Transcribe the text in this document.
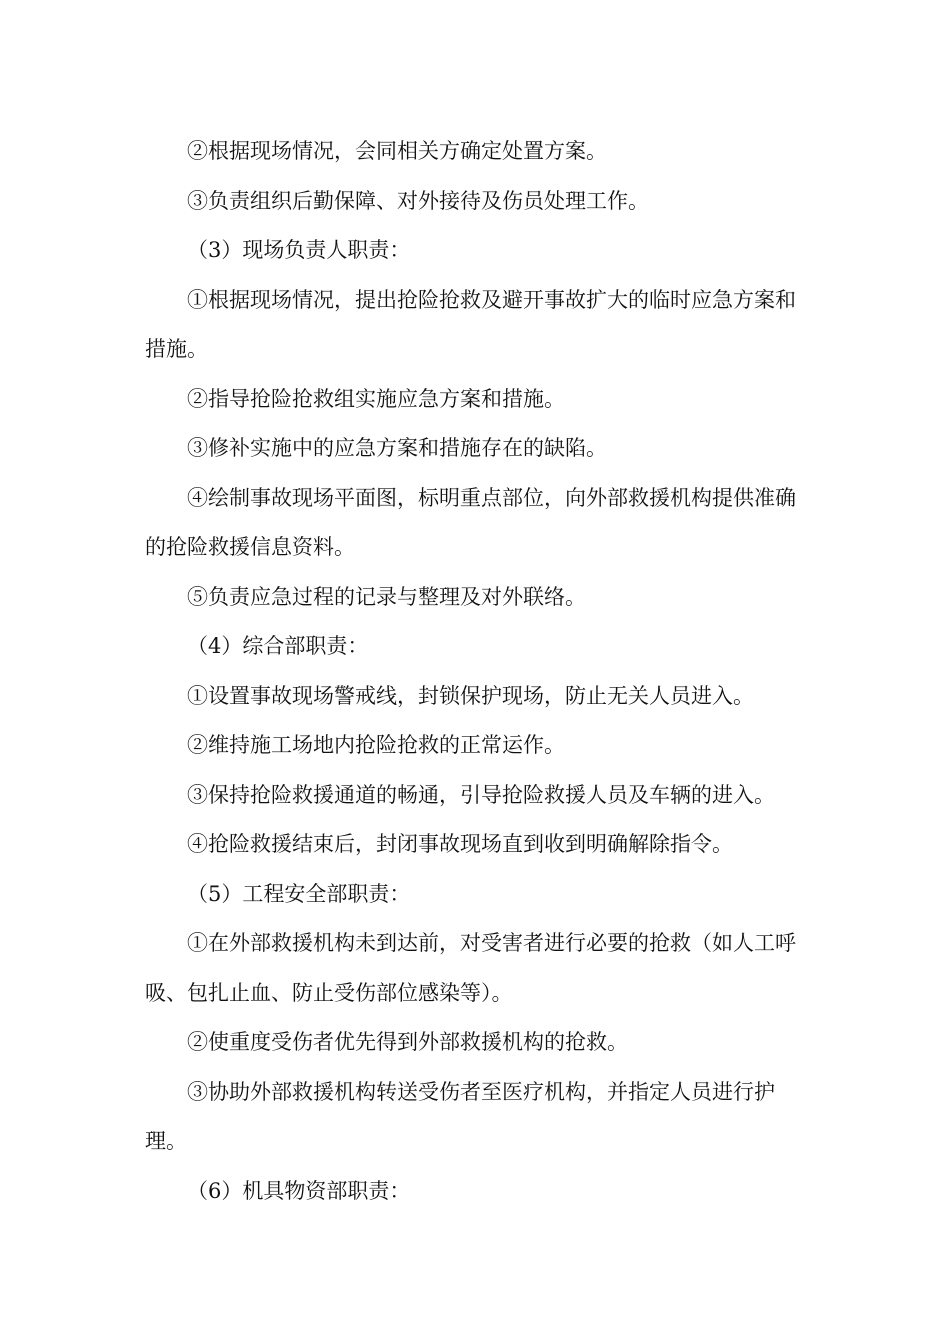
②根据现场情况，会同相关方确定处置方案。

③负责组织后勤保障、对外接待及伤员处理工作。

（3）现场负责人职责：

①根据现场情况，提出抢险抢救及避开事故扩大的临时应急方案和措施。

②指导抢险抢救组实施应急方案和措施。

③修补实施中的应急方案和措施存在的缺陷。

④绘制事故现场平面图，标明重点部位，向外部救援机构提供准确的抢险救援信息资料。

⑤负责应急过程的记录与整理及对外联络。

（4）综合部职责：

①设置事故现场警戒线，封锁保护现场，防止无关人员进入。

②维持施工场地内抢险抢救的正常运作。

③保持抢险救援通道的畅通，引导抢险救援人员及车辆的进入。

④抢险救援结束后，封闭事故现场直到收到明确解除指令。

（5）工程安全部职责：

①在外部救援机构未到达前，对受害者进行必要的抢救（如人工呼吸、包扎止血、防止受伤部位感染等）。

②使重度受伤者优先得到外部救援机构的抢救。

③协助外部救援机构转送受伤者至医疗机构，并指定人员进行护理。

（6）机具物资部职责：
